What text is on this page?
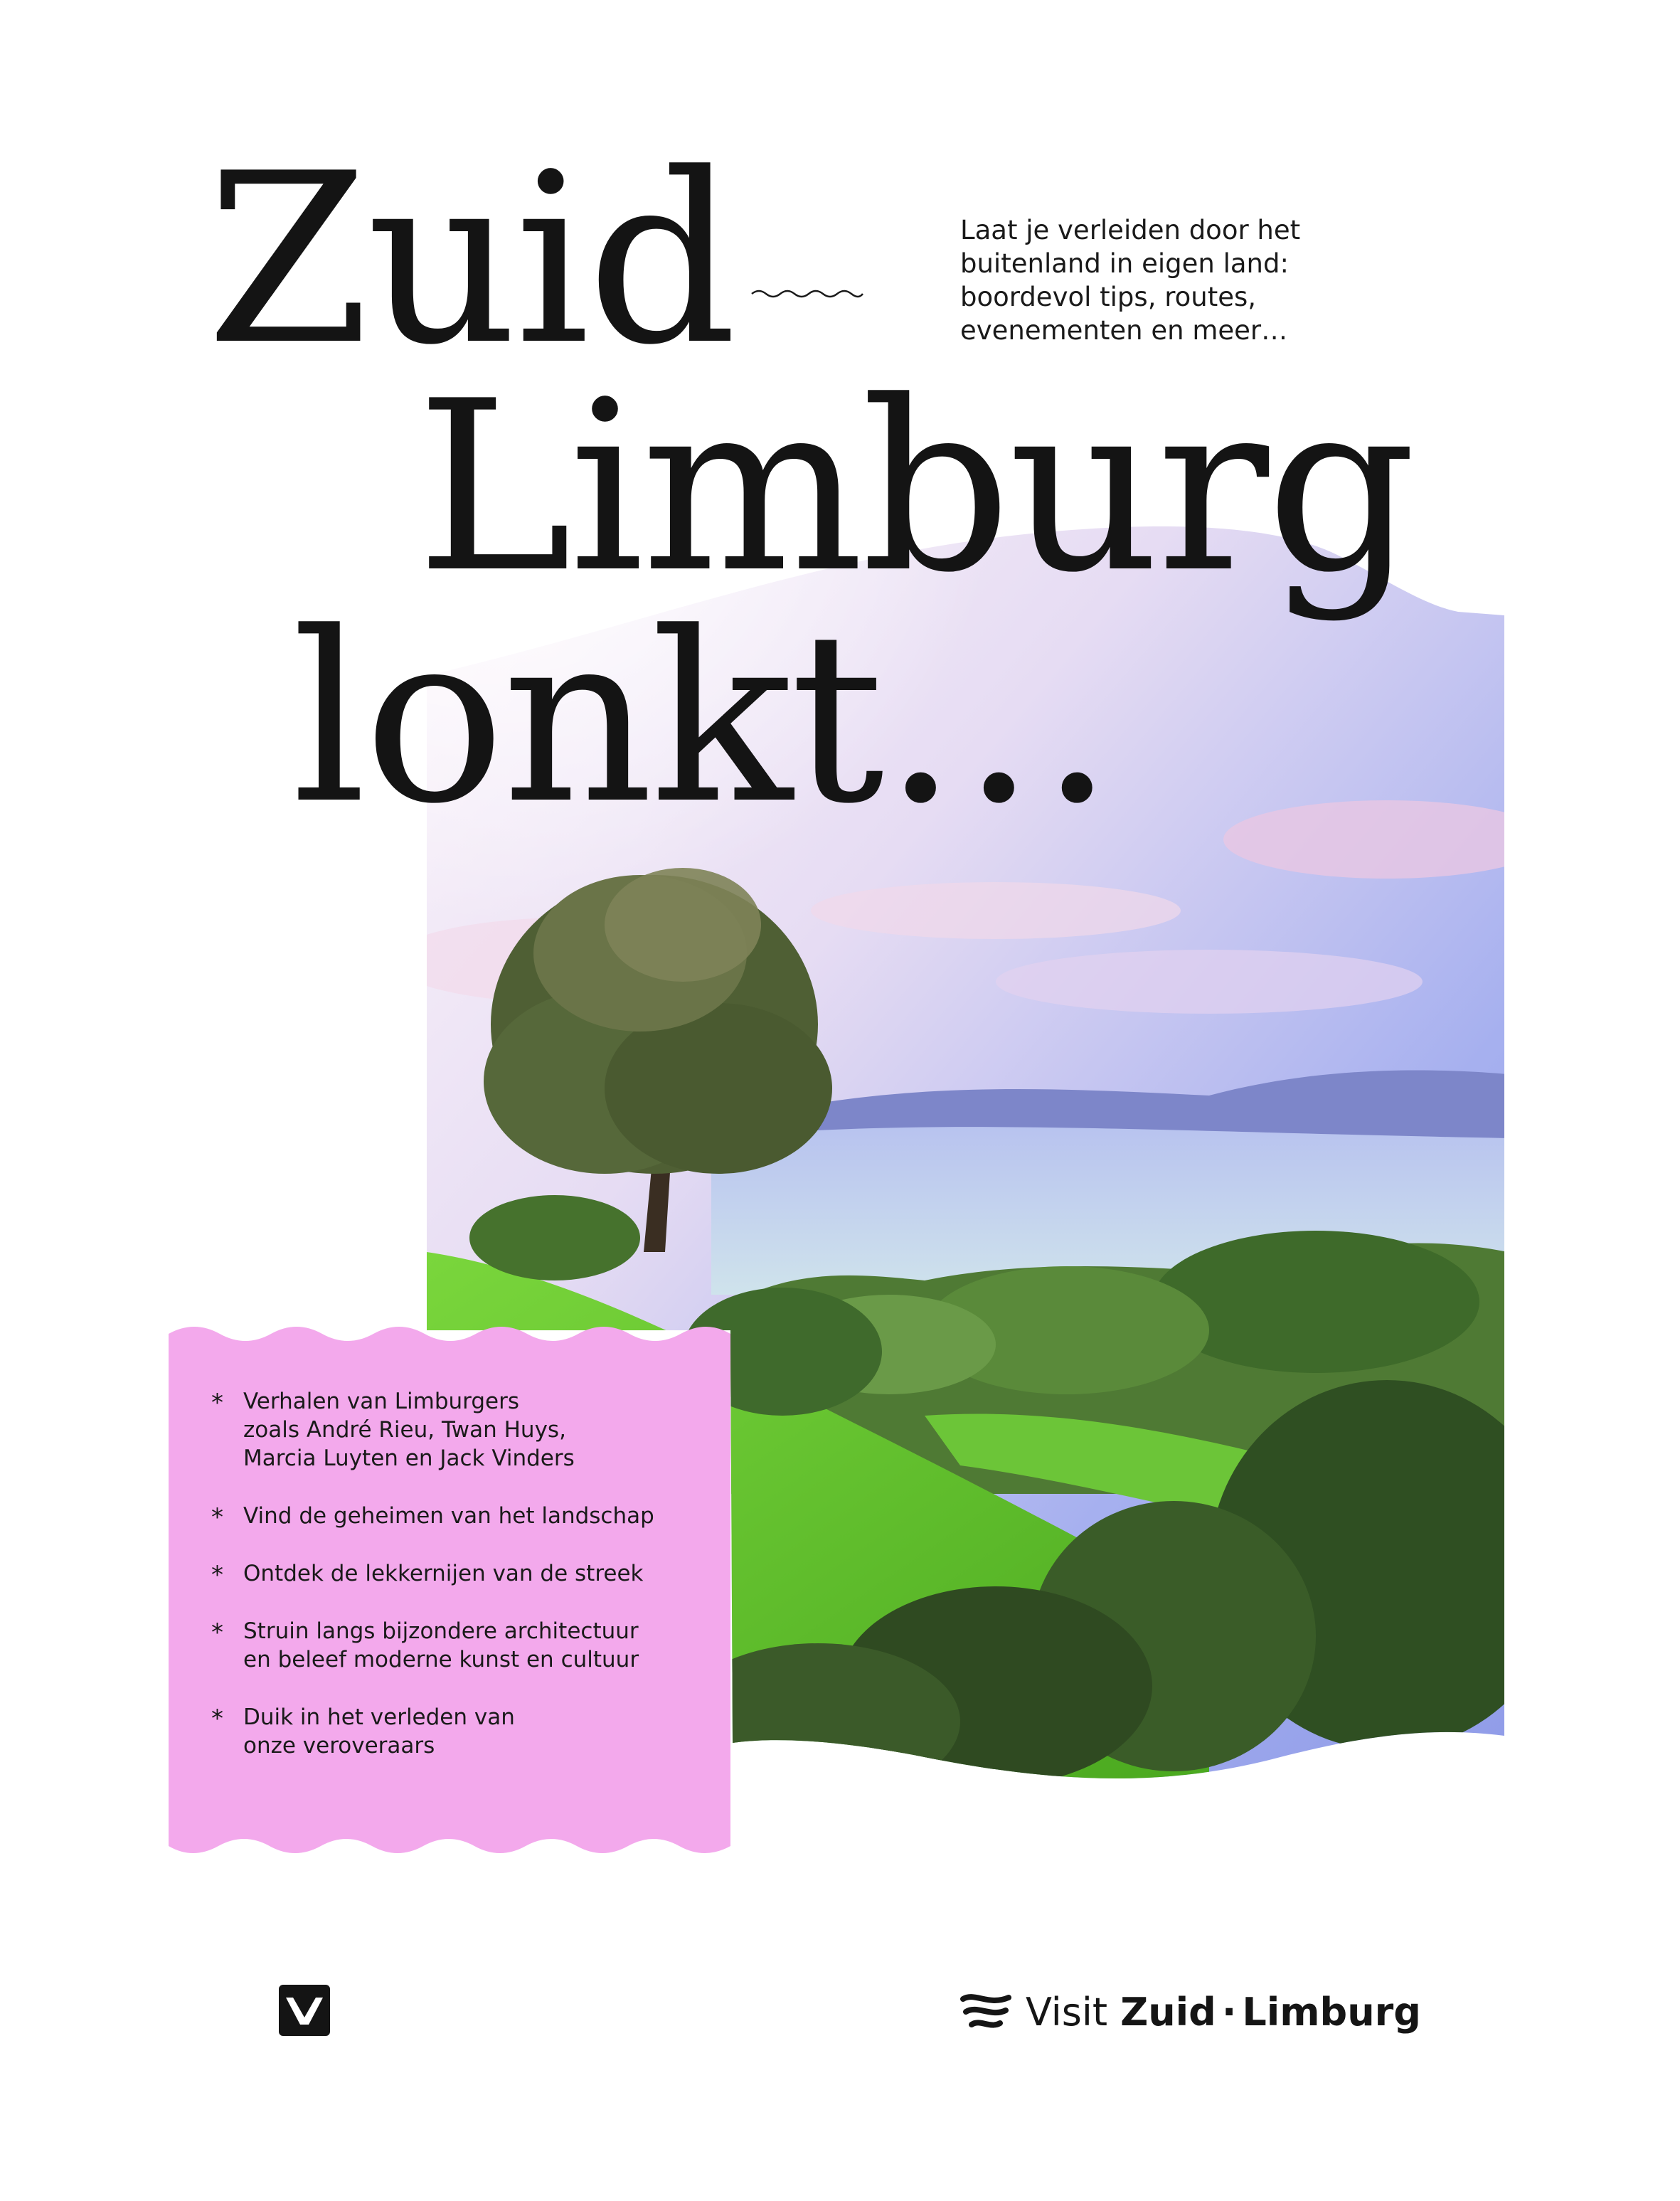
Zuid
Limburg
lonkt…
Laat je verleiden door het
buitenland in eigen land:
boordevol tips, routes,
evenementen en meer…
* Verhalen van Limburgers
zoals André Rieu, Twan Huys,
Marcia Luyten en Jack Vinders
* Vind de geheimen van het landschap
* Ontdek de lekkernijen van de streek
* Struin langs bijzondere architectuur
en beleef moderne kunst en cultuur
* Duik in het verleden van
onze veroveraars
Visit Zuid · Limburg
